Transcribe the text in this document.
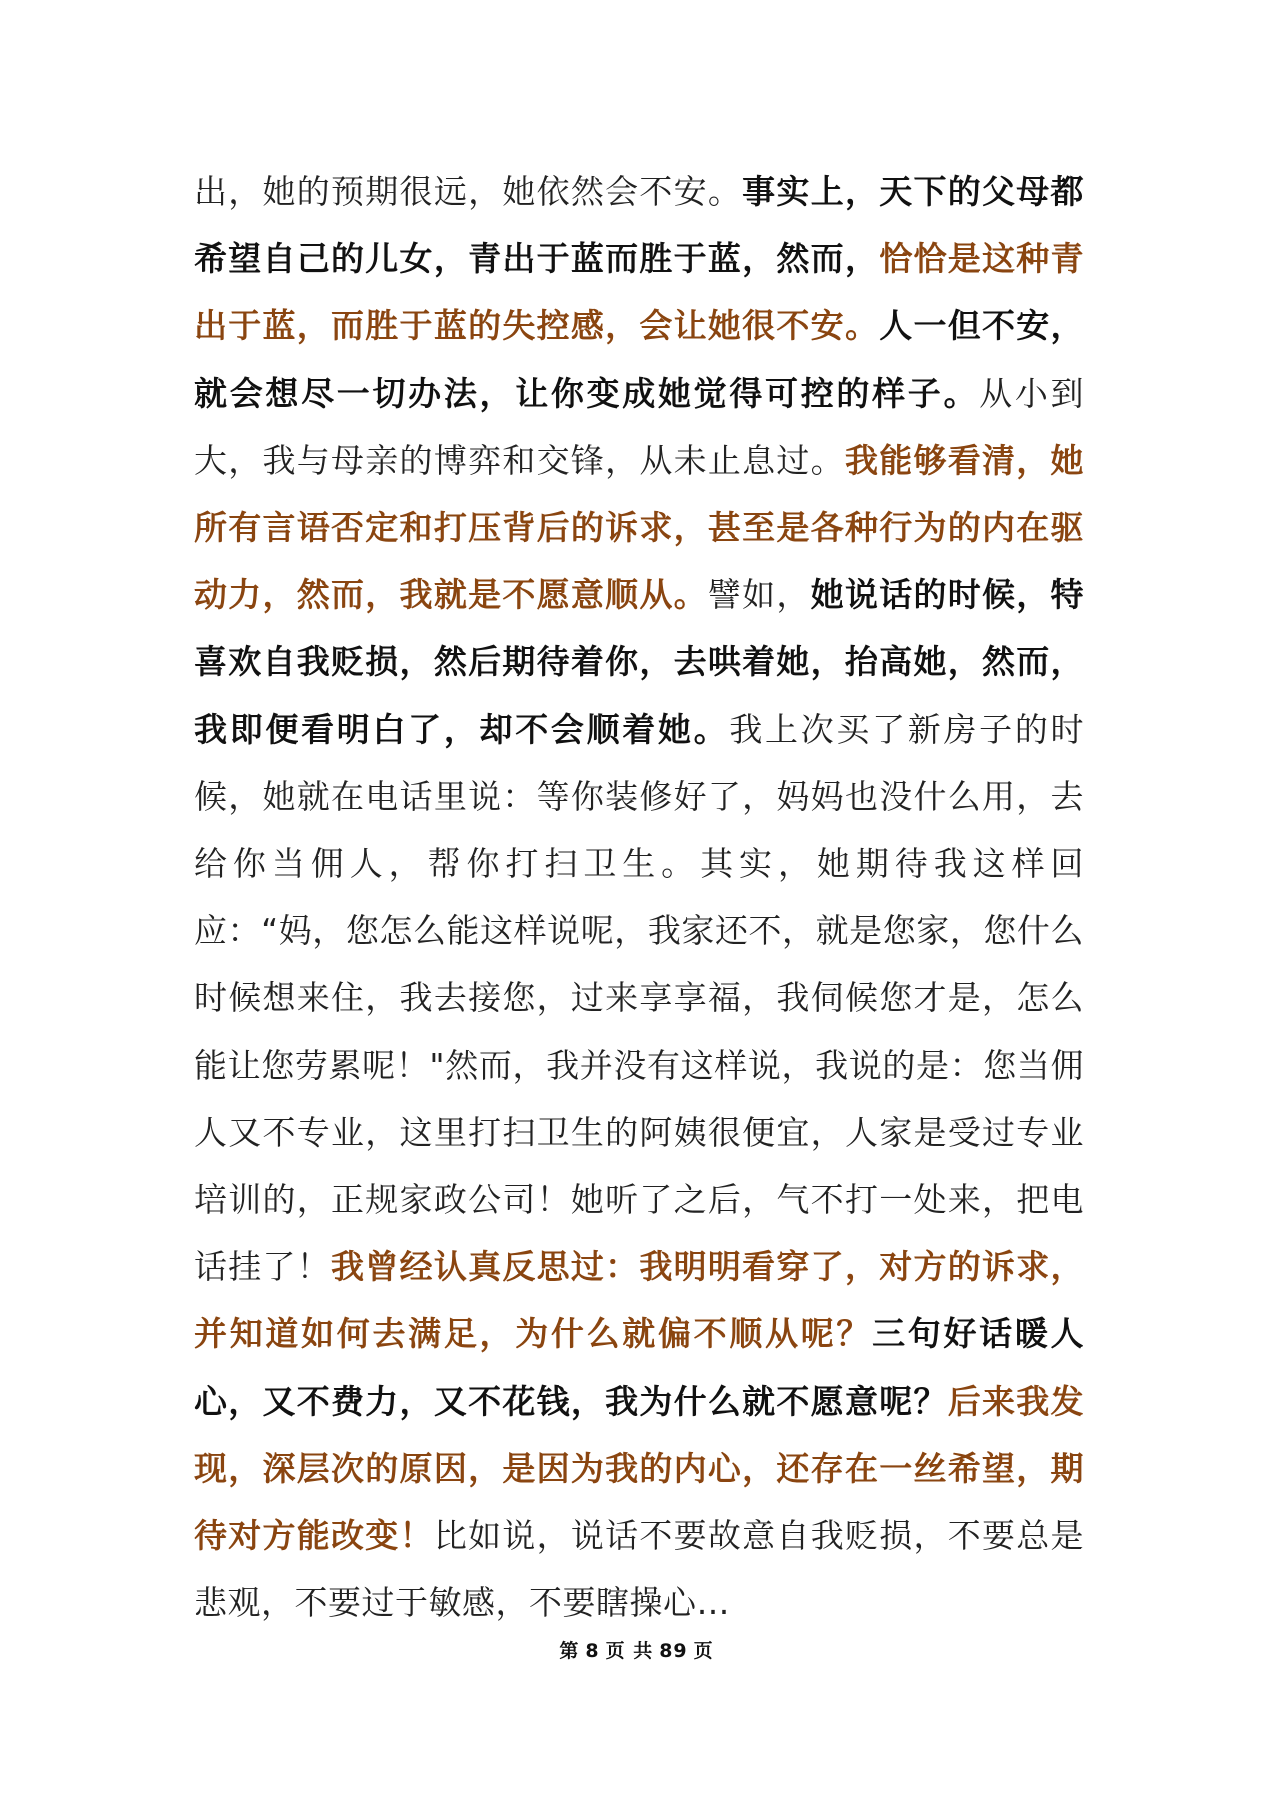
出，她的预期很远，她依然会不安。事实上，天下的父母都希望自己的儿女，青出于蓝而胜于蓝，然而，恰恰是这种青出于蓝，而胜于蓝的失控感，会让她很不安。人一但不安，就会想尽一切办法，让你变成她觉得可控的样子。从小到大，我与母亲的博弈和交锋，从未止息过。我能够看清，她所有言语否定和打压背后的诉求，甚至是各种行为的内在驱动力，然而，我就是不愿意顺从。譬如，她说话的时候，特喜欢自我贬损，然后期待着你，去哄着她，抬高她，然而，我即便看明白了，却不会顺着她。我上次买了新房子的时候，她就在电话里说：等你装修好了，妈妈也没什么用，去给你当佣人，帮你打扫卫生。其实，她期待我这样回应：“妈，您怎么能这样说呢，我家还不，就是您家，您什么时候想来住，我去接您，过来享享福，我伺候您才是，怎么能让您劳累呢！"然而，我并没有这样说，我说的是：您当佣人又不专业，这里打扫卫生的阿姨很便宜，人家是受过专业培训的，正规家政公司！她听了之后，气不打一处来，把电话挂了！我曾经认真反思过：我明明看穿了，对方的诉求，并知道如何去满足，为什么就偏不顺从呢？三句好话暖人心，又不费力，又不花钱，我为什么就不愿意呢？后来我发现，深层次的原因，是因为我的内心，还存在一丝希望，期待对方能改变！比如说，说话不要故意自我贬损，不要总是悲观，不要过于敏感，不要瞎操心…

第 8 页 共 89 页
